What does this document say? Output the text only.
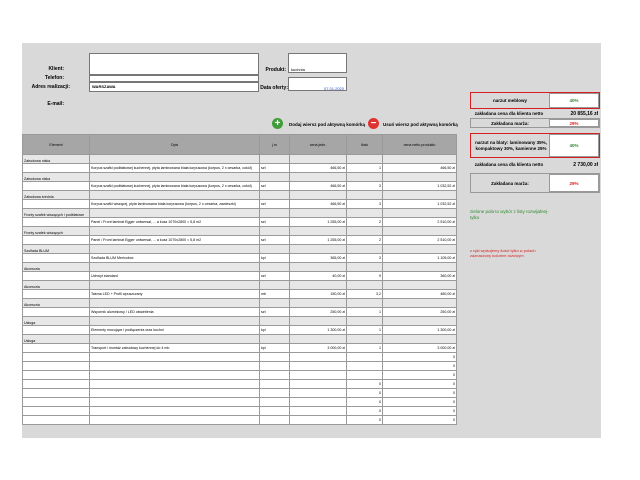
Klient:
Telefon:
Adres realizacji:	WARSZAWA
E-mail:
Produkt:	kuchnia
Data oferty:	07.01.2020
+	Dodaj wiersz pod aktywną komórką −	Usuń wiersz pod aktywną komórką
Element	Opis	j.m	cena jedn.	Ilość	cena netto produktu
Zabudowa niska					
	Korpus szafki podblatowej kuchennej, płyta laminowana biała korpusowa (korpus, 2 x cesarka, cokół)	szt	466,50 zł	1	466,50 zł
Zabudowa niska					
	Korpus szafki podblatowej kuchennej, płyta laminowana biała korpusowa (korpus, 2 x cesarka, cokół)	szt	466,50 zł	3	1 032,52 zł
Zabudowa średnia					
	Korpus szafki wiszącej, płyta laminowana biała korpusowa (korpus, 2 x cesarka, zawieszki)	szt	466,50 zł	3	1 032,52 zł
Fronty szafek wiszących i podblatowe					
	Panel / Front laminat Egger uniwersal, ... a kusz 1070x2800 = 5,8 m2	szt	1 255,00 zł	2	2 510,00 zł
Fronty szafek wiszących					
	Panel / Front laminat Egger uniwersal, ... a kusz 1070x2800 = 5,8 m2	szt	1 255,00 zł	2	2 510,00 zł
Szuflada BLUM					
	Szuflada BLUM Merivobox	kpl	365,00 zł	3	1 105,00 zł
Akcesoria					
	Uchwyt standard	szt	40,00 zł	9	360,00 zł
Akcesoria					
	Taśma LED + Profil wpuszczany	mb	150,00 zł	3,2	480,00 zł
Akcesoria					
	Wspornik aluminiowy / LED oświetlenia	szt	250,00 zł	1	250,00 zł
Usługa					
	Elementy mocujące i podłączenia oraz kuchni	kpl	1 300,00 zł	1	1 300,00 zł
Usługa					
	Transport i montaż zabudowy kuchennej do 4 mb	kpl	3 000,00 zł	1	3 000,00 zł
					0
					0
					0
				0	0
				0	0
				0	0
				0	0
				0	0
narzut meblowy	40%
zakładana cena dla klienta netto	20 855,16 zł
Zakładana marża:	29%
narzut na blaty: laminowany 35%, kompaktowy 30%, kamienne 25%	40%
zakładana cena dla klienta netto	2 730,00 zł
Zakładana marża:	29%
zielone pola to wybór z listy rozwijalnej- tylko
z ręki wpisujemy ilości tylko w polach zaznaczony kolorem różowym
